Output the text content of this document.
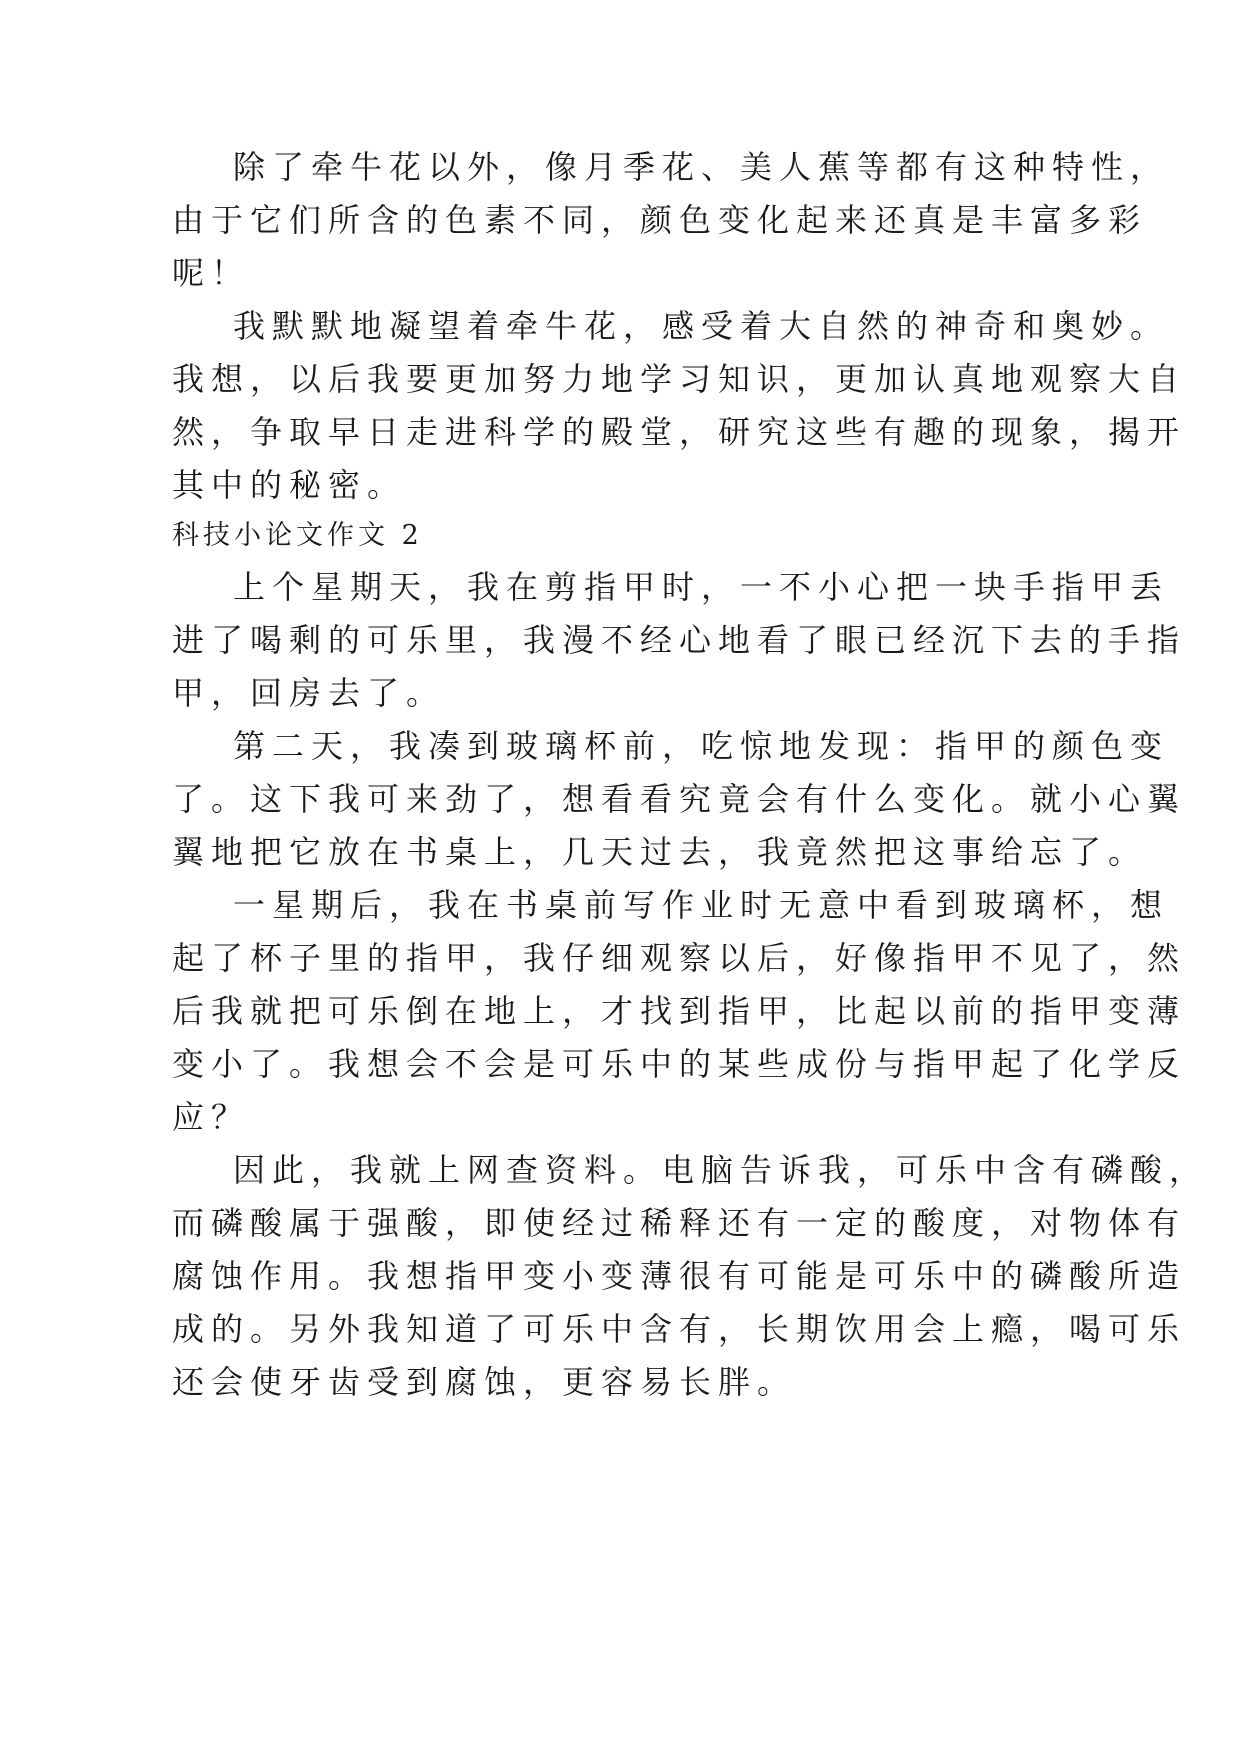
除了牵牛花以外，像月季花、美人蕉等都有这种特性，
由于它们所含的色素不同，颜色变化起来还真是丰富多彩
呢！
我默默地凝望着牵牛花，感受着大自然的神奇和奥妙。
我想，以后我要更加努力地学习知识，更加认真地观察大自
然，争取早日走进科学的殿堂，研究这些有趣的现象，揭开
其中的秘密。
科技小论文作文 2
上个星期天，我在剪指甲时，一不小心把一块手指甲丢
进了喝剩的可乐里，我漫不经心地看了眼已经沉下去的手指
甲，回房去了。
第二天，我凑到玻璃杯前，吃惊地发现：指甲的颜色变
了。这下我可来劲了，想看看究竟会有什么变化。就小心翼
翼地把它放在书桌上，几天过去，我竟然把这事给忘了。
一星期后，我在书桌前写作业时无意中看到玻璃杯，想
起了杯子里的指甲，我仔细观察以后，好像指甲不见了，然
后我就把可乐倒在地上，才找到指甲，比起以前的指甲变薄
变小了。我想会不会是可乐中的某些成份与指甲起了化学反
应？
因此，我就上网查资料。电脑告诉我，可乐中含有磷酸，
而磷酸属于强酸，即使经过稀释还有一定的酸度，对物体有
腐蚀作用。我想指甲变小变薄很有可能是可乐中的磷酸所造
成的。另外我知道了可乐中含有，长期饮用会上瘾，喝可乐
还会使牙齿受到腐蚀，更容易长胖。
